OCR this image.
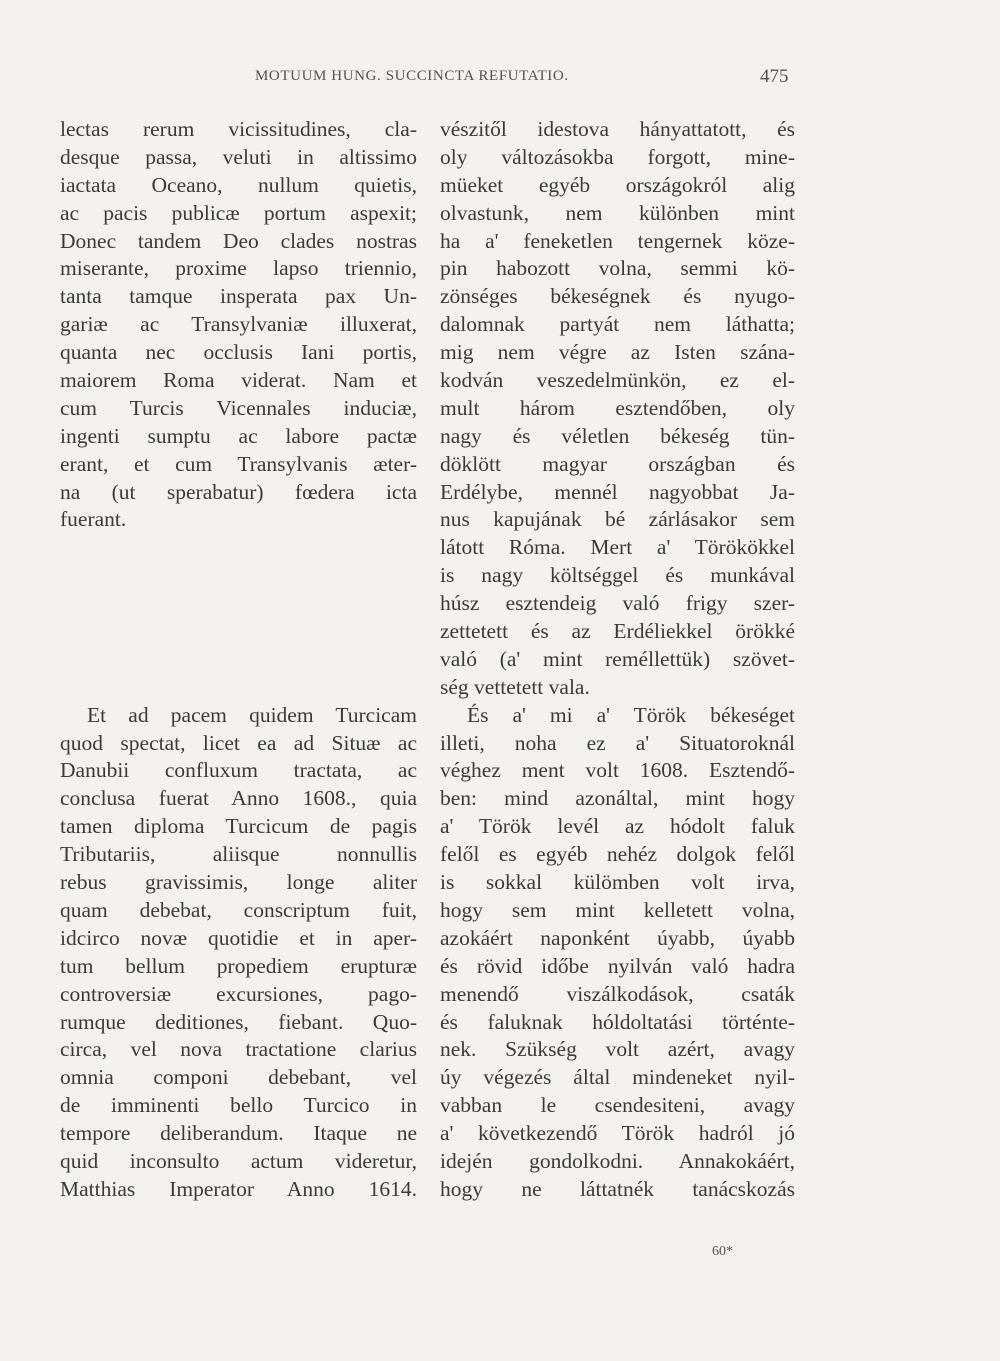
MOTUUM HUNG. SUCCINCTA REFUTATIO.	475
lectas rerum vicissitudines, cla-
desque passa, veluti in altissimo
iactata Oceano, nullum quietis,
ac pacis publicæ portum aspexit;
Donec tandem Deo clades nostras
miserante, proxime lapso triennio,
tanta tamque insperata pax Un-
gariæ ac Transylvaniæ illuxerat,
quanta nec occlusis Iani portis,
maiorem Roma viderat. Nam et
cum Turcis Vicennales induciæ,
ingenti sumptu ac labore pactæ
erant, et cum Transylvanis æter-
na (ut sperabatur) fœdera icta
fuerant.
Et ad pacem quidem Turcicam
quod spectat, licet ea ad Situæ ac
Danubii confluxum tractata, ac
conclusa fuerat Anno 1608., quia
tamen diploma Turcicum de pagis
Tributariis, aliisque nonnullis
rebus gravissimis, longe aliter
quam debebat, conscriptum fuit,
idcirco novæ quotidie et in aper-
tum bellum propediem erupturæ
controversiæ excursiones, pago-
rumque deditiones, fiebant. Quo-
circa, vel nova tractatione clarius
omnia componi debebant, vel
de imminenti bello Turcico in
tempore deliberandum. Itaque ne
quid inconsulto actum videretur,
Matthias Imperator Anno 1614.
vészitől idestova hányattatott, és
oly változásokba forgott, mine-
müeket egyéb országokról alig
olvastunk, nem különben mint
ha a' feneketlen tengernek köze-
pin habozott volna, semmi kö-
zönséges békeségnek és nyugo-
dalomnak partyát nem láthatta;
mig nem végre az Isten szána-
kodván veszedelmünkön, ez el-
mult három esztendőben, oly
nagy és véletlen békeség tün-
döklött magyar országban és
Erdélybe, mennél nagyobbat Ja-
nus kapujának bé zárlásakor sem
látott Róma. Mert a' Törökökkel
is nagy költséggel és munkával
húsz esztendeig való frigy szer-
zettetett és az Erdéliekkel örökké
való (a' mint reméllettük) szövet-
ség vettetett vala.
És a' mi a' Török békeséget
illeti, noha ez a' Situatoroknál
véghez ment volt 1608. Esztendő-
ben: mind azonáltal, mint hogy
a' Török levél az hódolt faluk
felől es egyéb nehéz dolgok felől
is sokkal külömben volt irva,
hogy sem mint kelletett volna,
azokáért naponként úyabb, úyabb
és rövid időbe nyilván való hadra
menendő viszálkodások, csaták
és faluknak hóldoltatási történte-
nek. Szükség volt azért, avagy
úy végezés által mindeneket nyil-
vabban le csendesiteni, avagy
a' következendő Török hadról jó
idején gondolkodni. Annakokáért,
hogy ne láttatnék tanácskozás
60*
